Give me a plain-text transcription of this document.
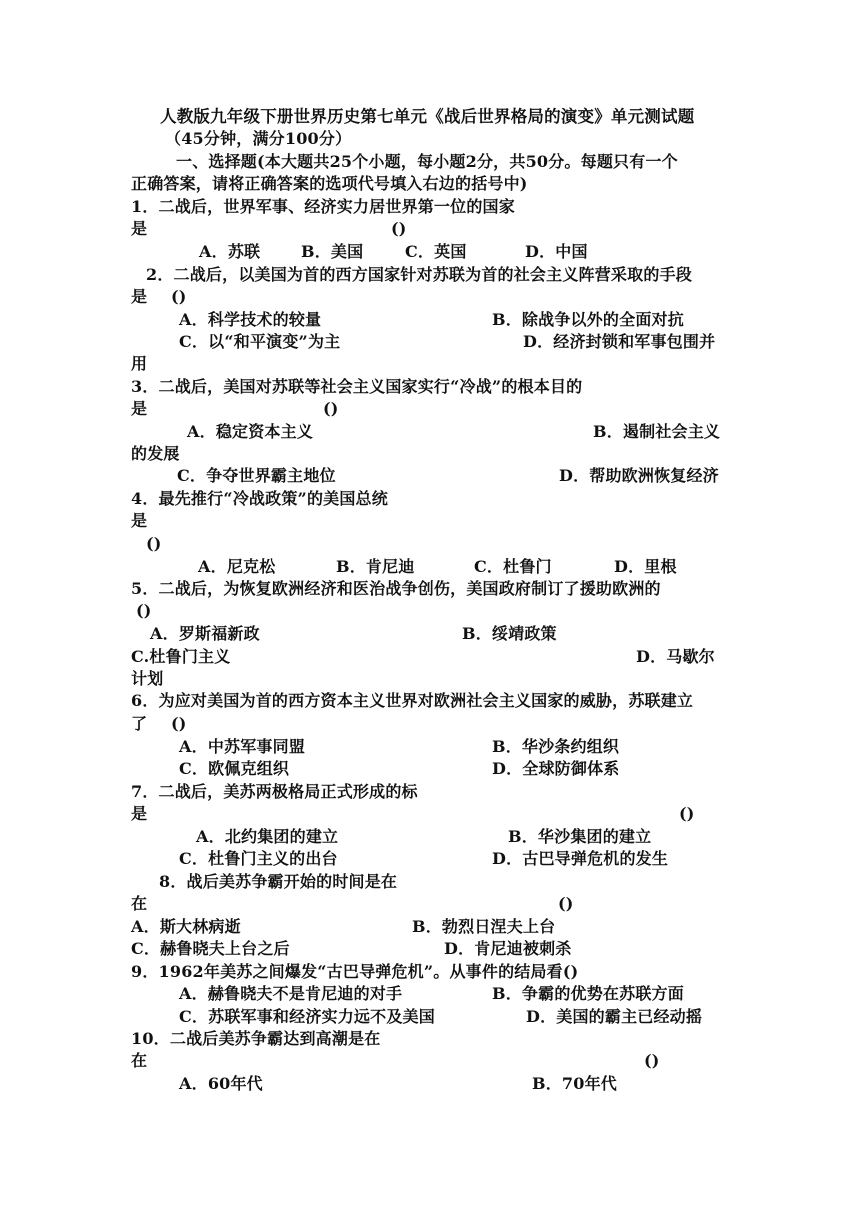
人教版九年级下册世界历史第七单元《战后世界格局的演变》单元测试题
（45分钟，满分100分）
一、选择题(本大题共25个小题，每小题2分，共50分。每题只有一个
正确答案，请将正确答案的选项代号填入右边的括号中)
1．二战后，世界军事、经济实力居世界第一位的国家
是	()
A．苏联	B．美国	C．英国	D．中国
2．二战后，以美国为首的西方国家针对苏联为首的社会主义阵营采取的手段
是 ()
A．科学技术的较量	B．除战争以外的全面对抗
C．以“和平演变”为主	D．经济封锁和军事包围并
用
3．二战后，美国对苏联等社会主义国家实行“冷战”的根本目的
是	()
A．稳定资本主义	B．遏制社会主义
的发展
C．争夺世界霸主地位	D．帮助欧洲恢复经济
4．最先推行“冷战政策”的美国总统
是
()
A．尼克松	B．肯尼迪	C．杜鲁门	D．里根
5．二战后，为恢复欧洲经济和医治战争创伤，美国政府制订了援助欧洲的
()
A．罗斯福新政	B．绥靖政策
C.杜鲁门主义	D．马歇尔
计划
6．为应对美国为首的西方资本主义世界对欧洲社会主义国家的威胁，苏联建立
了 ()
A．中苏军事同盟	B．华沙条约组织
C．欧佩克组织	D．全球防御体系
7．二战后，美苏两极格局正式形成的标
是	()
A．北约集团的建立	B．华沙集团的建立
C．杜鲁门主义的出台	D．古巴导弹危机的发生
8．战后美苏争霸开始的时间是在
在	()
A．斯大林病逝	B．勃烈日涅夫上台
C．赫鲁晓夫上台之后	D．肯尼迪被刺杀
9．1962年美苏之间爆发“古巴导弹危机”。从事件的结局看()
A．赫鲁晓夫不是肯尼迪的对手	B．争霸的优势在苏联方面
C．苏联军事和经济实力远不及美国	D．美国的霸主已经动摇
10．二战后美苏争霸达到高潮是在
在	()
A．60年代	B．70年代
